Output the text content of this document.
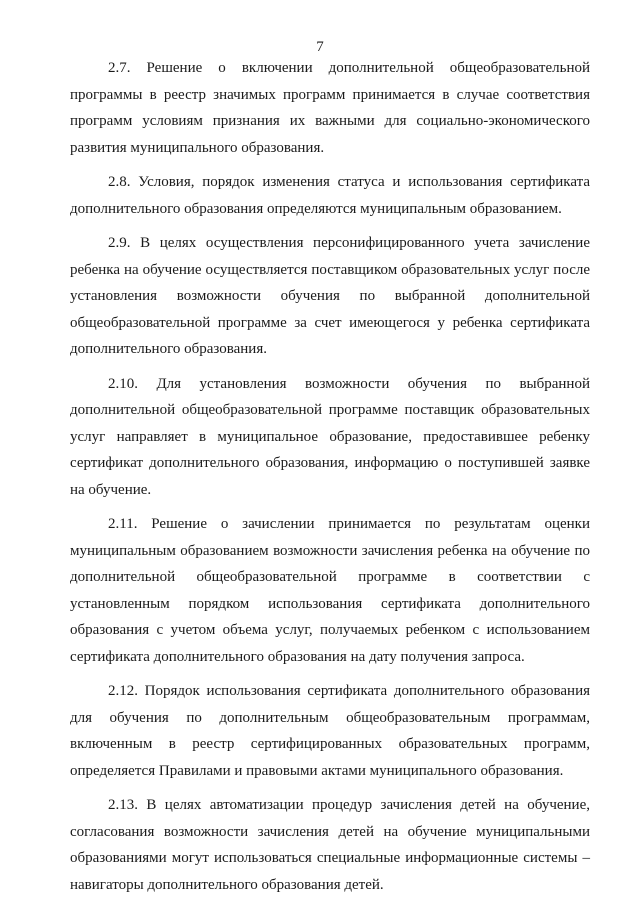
7

2.7. Решение о включении дополнительной общеобразовательной программы в реестр значимых программ принимается в случае соответствия программ условиям признания их важными для социально-экономического развития муниципального образования.

2.8. Условия, порядок изменения статуса и использования сертификата дополнительного образования определяются муниципальным образованием.

2.9. В целях осуществления персонифицированного учета зачисление ребенка на обучение осуществляется поставщиком образовательных услуг после установления возможности обучения по выбранной дополнительной общеобразовательной программе за счет имеющегося у ребенка сертификата дополнительного образования.

2.10. Для установления возможности обучения по выбранной дополнительной общеобразовательной программе поставщик образовательных услуг направляет в муниципальное образование, предоставившее ребенку сертификат дополнительного образования, информацию о поступившей заявке на обучение.

2.11. Решение о зачислении принимается по результатам оценки муниципальным образованием возможности зачисления ребенка на обучение по дополнительной общеобразовательной программе в соответствии с установленным порядком использования сертификата дополнительного образования с учетом объема услуг, получаемых ребенком с использованием сертификата дополнительного образования на дату получения запроса.

2.12. Порядок использования сертификата дополнительного образования для обучения по дополнительным общеобразовательным программам, включенным в реестр сертифицированных образовательных программ, определяется Правилами и правовыми актами муниципального образования.

2.13. В целях автоматизации процедур зачисления детей на обучение, согласования возможности зачисления детей на обучение муниципальными образованиями могут использоваться специальные информационные системы – навигаторы дополнительного образования детей.
